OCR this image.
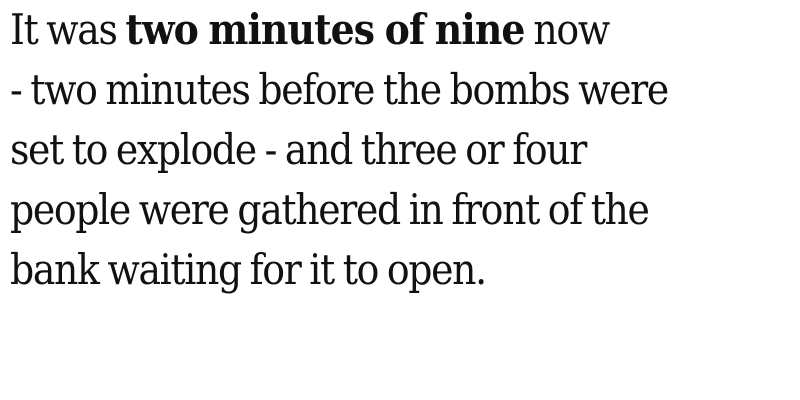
It was two minutes of nine now
- two minutes before the bombs were
set to explode - and three or four
people were gathered in front of the
bank waiting for it to open.
